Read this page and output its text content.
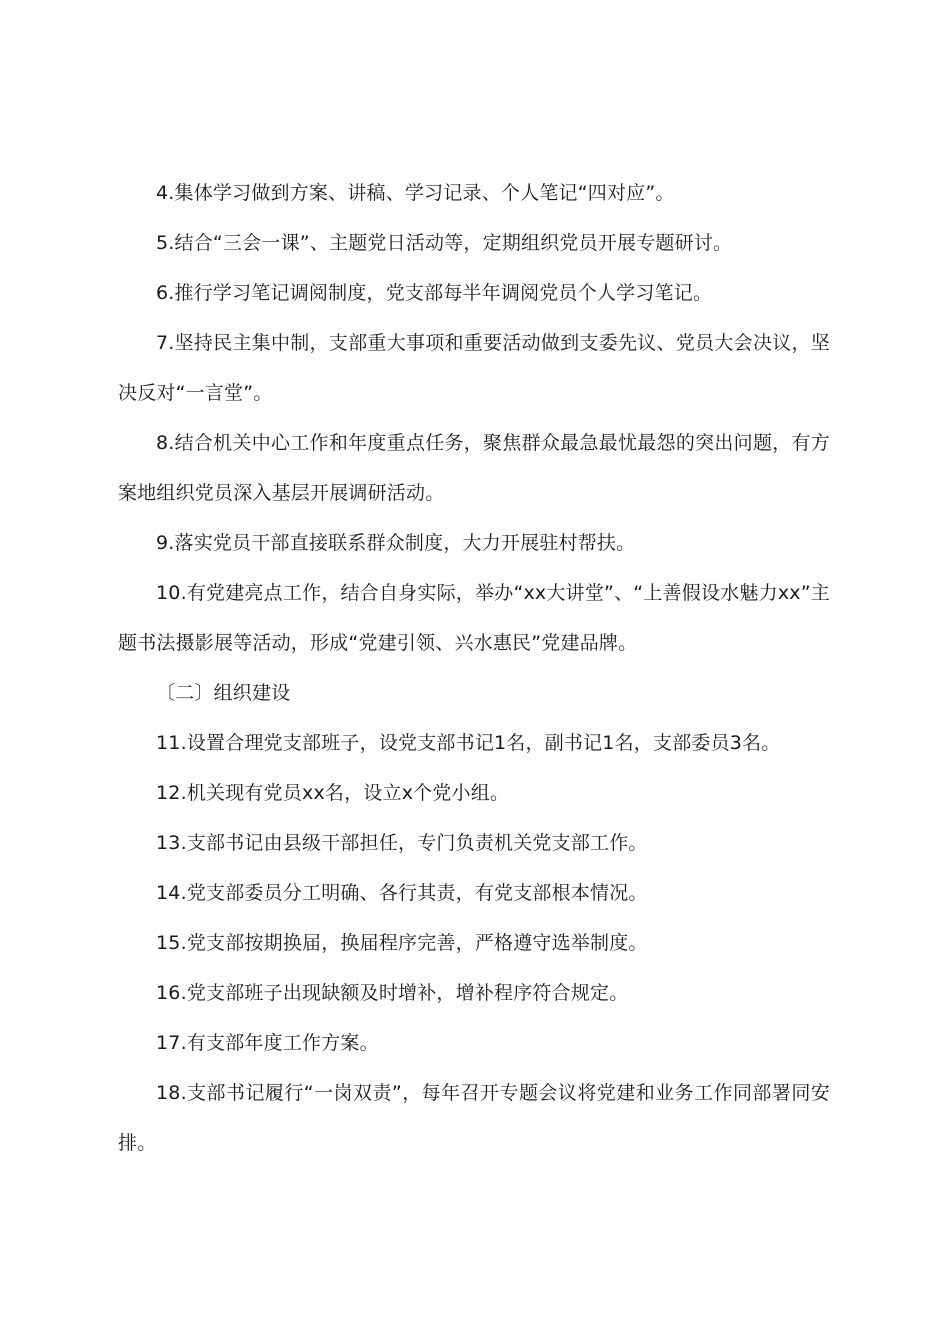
4.集体学习做到方案、讲稿、学习记录、个人笔记“四对应”。

5.结合“三会一课”、主题党日活动等，定期组织党员开展专题研讨。

6.推行学习笔记调阅制度，党支部每半年调阅党员个人学习笔记。

7.坚持民主集中制，支部重大事项和重要活动做到支委先议、党员大会决议，坚决反对“一言堂”。

8.结合机关中心工作和年度重点任务，聚焦群众最急最忧最怨的突出问题，有方案地组织党员深入基层开展调研活动。

9.落实党员干部直接联系群众制度，大力开展驻村帮扶。

10.有党建亮点工作，结合自身实际，举办“xx大讲堂”、“上善假设水魅力xx”主题书法摄影展等活动，形成“党建引领、兴水惠民”党建品牌。

〔二〕组织建设

11.设置合理党支部班子，设党支部书记1名，副书记1名，支部委员3名。

12.机关现有党员xx名，设立x个党小组。

13.支部书记由县级干部担任，专门负责机关党支部工作。

14.党支部委员分工明确、各行其责，有党支部根本情况。

15.党支部按期换届，换届程序完善，严格遵守选举制度。

16.党支部班子出现缺额及时增补，增补程序符合规定。

17.有支部年度工作方案。

18.支部书记履行“一岗双责”，每年召开专题会议将党建和业务工作同部署同安排。
